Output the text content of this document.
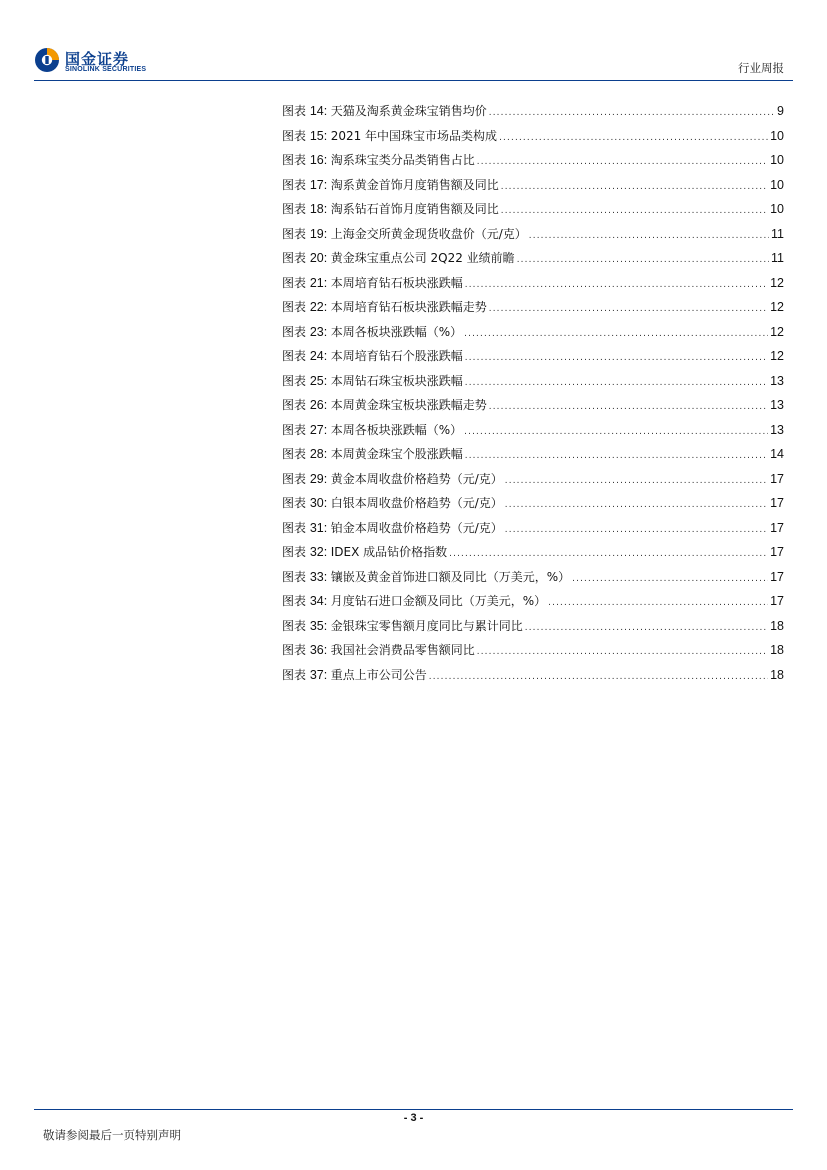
国金证券
SINOLINK SECURITIES	行业周报
图表 14: 天猫及淘系黄金珠宝销售均价 .....	9
图表 15: 2021 年中国珠宝市场品类构成 .....	10
图表 16: 淘系珠宝类分品类销售占比 .....	10
图表 17: 淘系黄金首饰月度销售额及同比 .....	10
图表 18: 淘系钻石首饰月度销售额及同比 .....	10
图表 19: 上海金交所黄金现货收盘价（元/克） .....	11
图表 20: 黄金珠宝重点公司 2Q22 业绩前瞻 .....	11
图表 21: 本周培育钻石板块涨跌幅 .....	12
图表 22: 本周培育钻石板块涨跌幅走势 .....	12
图表 23: 本周各板块涨跌幅（%） .....	12
图表 24: 本周培育钻石个股涨跌幅 .....	12
图表 25: 本周钻石珠宝板块涨跌幅 .....	13
图表 26: 本周黄金珠宝板块涨跌幅走势 .....	13
图表 27: 本周各板块涨跌幅（%） .....	13
图表 28: 本周黄金珠宝个股涨跌幅 .....	14
图表 29: 黄金本周收盘价格趋势（元/克） .....	17
图表 30: 白银本周收盘价格趋势（元/克） .....	17
图表 31: 铂金本周收盘价格趋势（元/克） .....	17
图表 32: IDEX 成品钻价格指数 .....	17
图表 33: 镶嵌及黄金首饰进口额及同比（万美元，%） .....	17
图表 34: 月度钻石进口金额及同比（万美元，%） .....	17
图表 35: 金银珠宝零售额月度同比与累计同比 .....	18
图表 36: 我国社会消费品零售额同比 .....	18
图表 37: 重点上市公司公告 .....	18
- 3 -
敬请参阅最后一页特别声明
